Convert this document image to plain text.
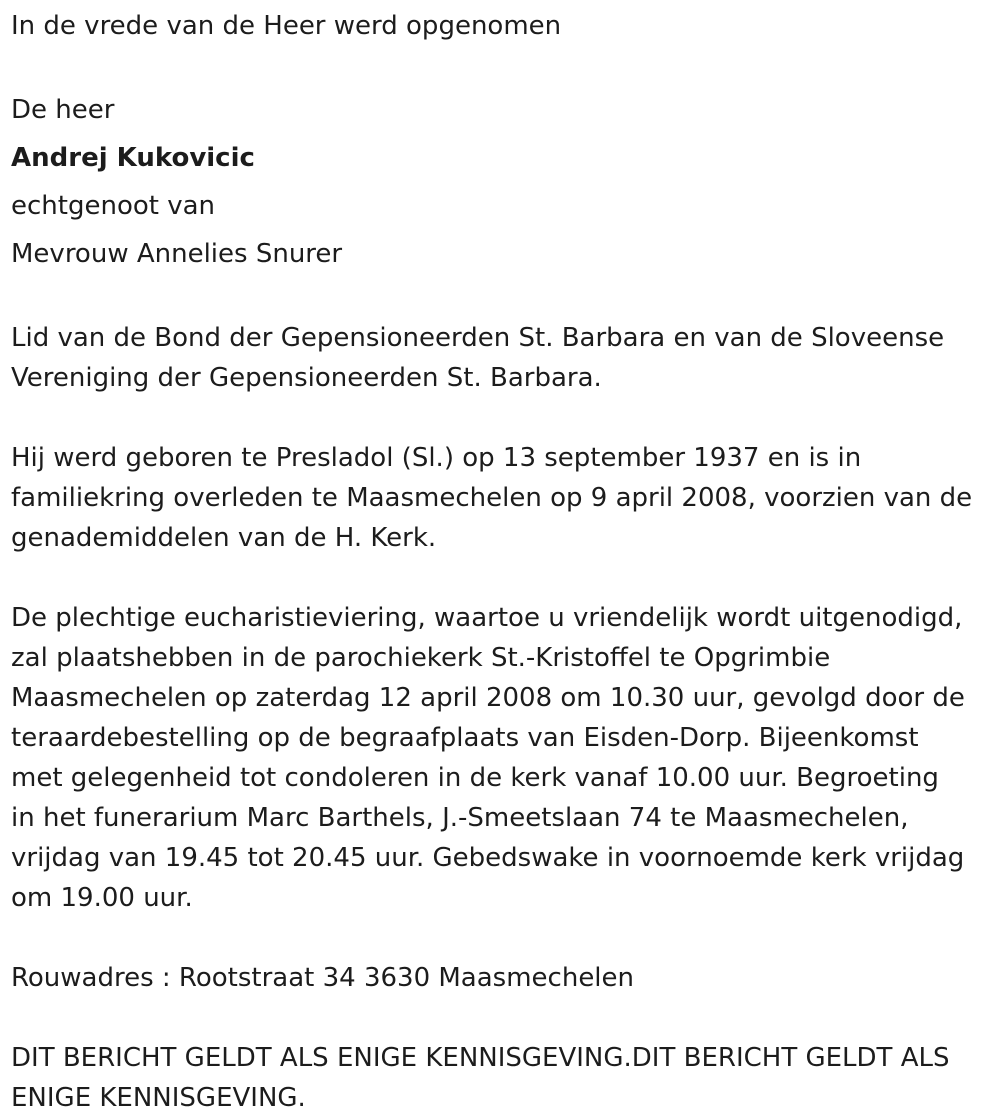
In de vrede van de Heer werd opgenomen

De heer

Andrej Kukovicic

echtgenoot van

Mevrouw Annelies Snurer

Lid van de Bond der Gepensioneerden St. Barbara en van de Sloveense

Vereniging der Gepensioneerden St. Barbara.

Hij werd geboren te Presladol (Sl.) op 13 september 1937 en is in

familiekring overleden te Maasmechelen op 9 april 2008, voorzien van de

genademiddelen van de H. Kerk.

De plechtige eucharistieviering, waartoe u vriendelijk wordt uitgenodigd,

zal plaatshebben in de parochiekerk St.-Kristoffel te Opgrimbie

Maasmechelen op zaterdag 12 april 2008 om 10.30 uur, gevolgd door de

teraardebestelling op de begraafplaats van Eisden-Dorp. Bijeenkomst

met gelegenheid tot condoleren in de kerk vanaf 10.00 uur. Begroeting

in het funerarium Marc Barthels, J.-Smeetslaan 74 te Maasmechelen,

vrijdag van 19.45 tot 20.45 uur. Gebedswake in voornoemde kerk vrijdag

om 19.00 uur.

Rouwadres : Rootstraat 34 3630 Maasmechelen

DIT BERICHT GELDT ALS ENIGE KENNISGEVING.DIT BERICHT GELDT ALS

ENIGE KENNISGEVING.
